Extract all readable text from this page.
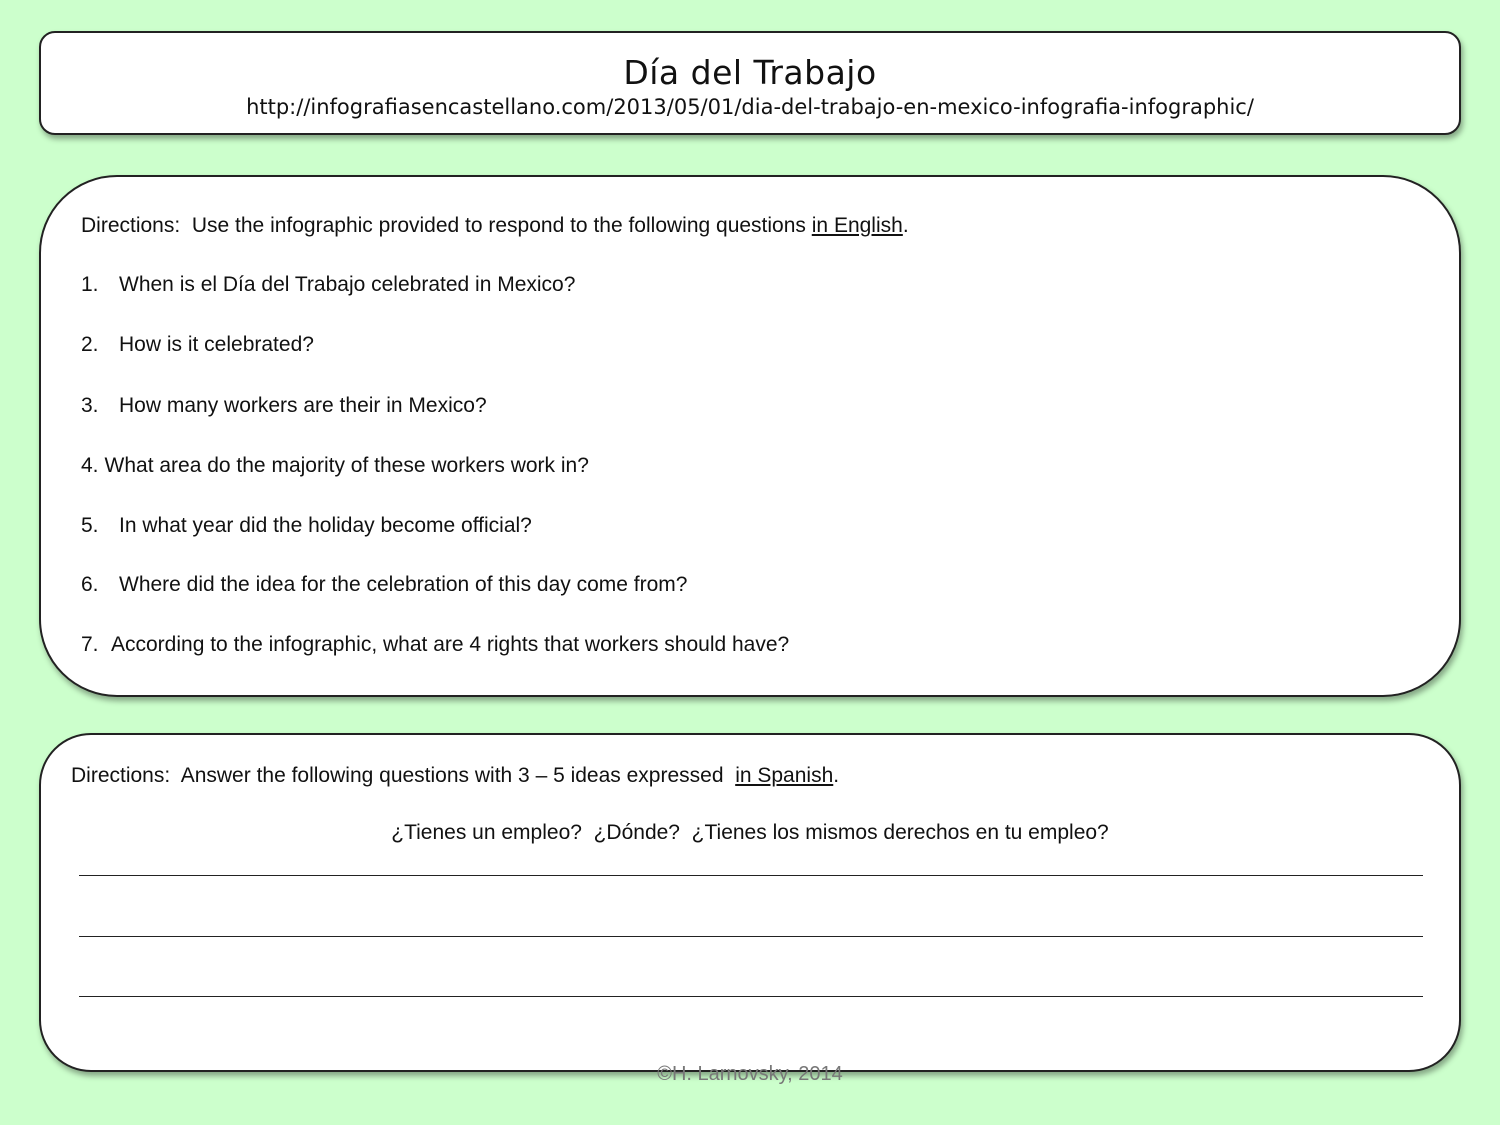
Día del Trabajo
http://infografiasencastellano.com/2013/05/01/dia-del-trabajo-en-mexico-infografia-infographic/
Directions:  Use the infographic provided to respond to the following questions in English.
1. When is el Día del Trabajo celebrated in Mexico?
2. How is it celebrated?
3. How many workers are their in Mexico?
4. What area do the majority of these workers work in?
5. In what year did the holiday become official?
6. Where did the idea for the celebration of this day come from?
7. According to the infographic, what are 4 rights that workers should have?
Directions:  Answer the following questions with 3 – 5 ideas expressed  in Spanish.
¿Tienes un empleo?  ¿Dónde?  ¿Tienes los mismos derechos en tu empleo?
©H. Larnovsky, 2014
